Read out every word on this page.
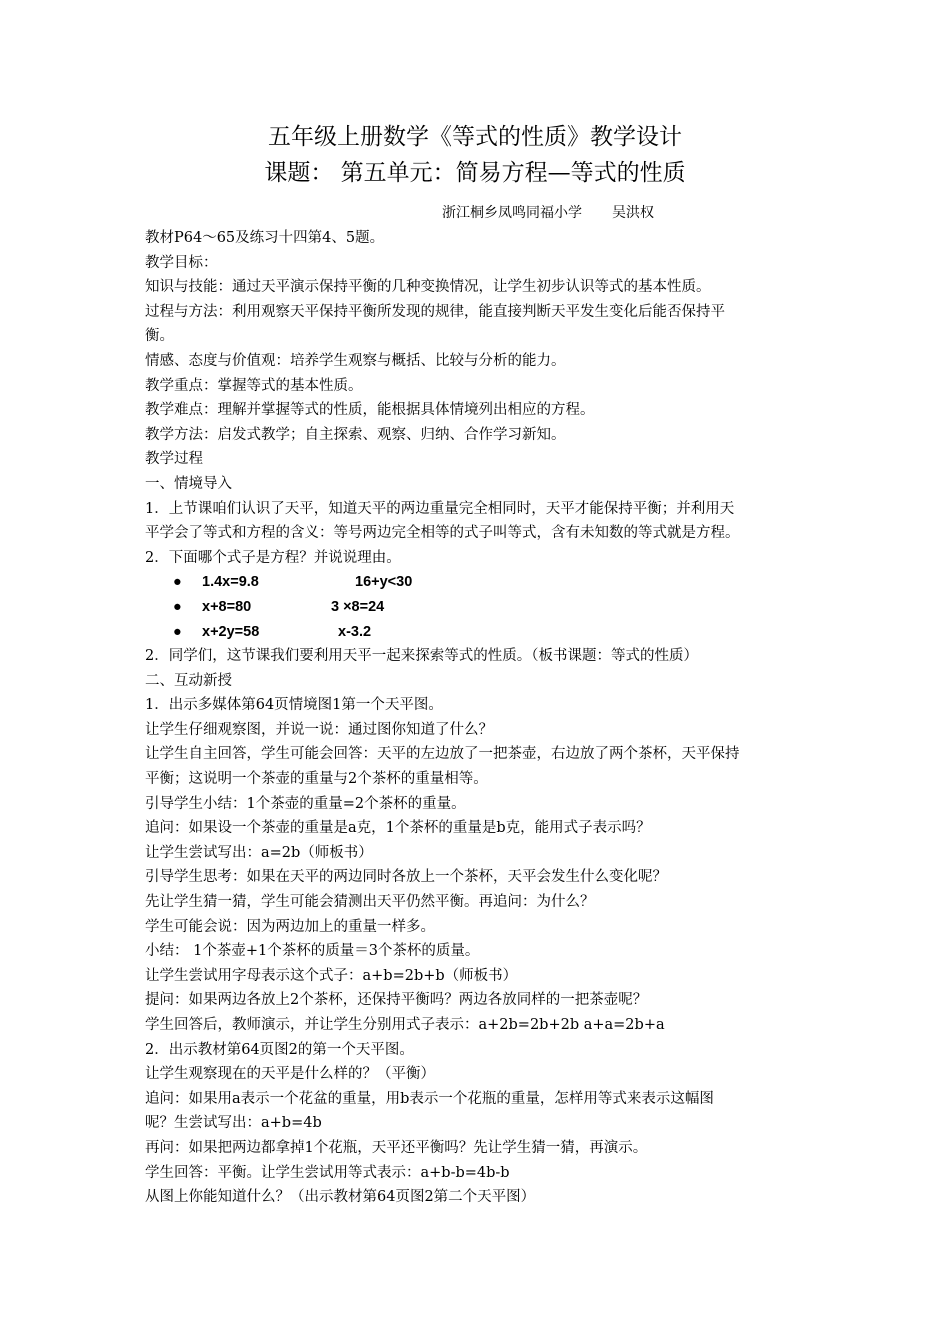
五年级上册数学《等式的性质》教学设计
课题： 第五单元：简易方程—等式的性质
浙江桐乡凤鸣同福小学 吴洪权
教材P64～65及练习十四第4、5题。
教学目标：
知识与技能：通过天平演示保持平衡的几种变换情况，让学生初步认识等式的基本性质。
过程与方法：利用观察天平保持平衡所发现的规律，能直接判断天平发生变化后能否保持平
衡。
情感、态度与价值观：培养学生观察与概括、比较与分析的能力。
教学重点：掌握等式的基本性质。
教学难点：理解并掌握等式的性质，能根据具体情境列出相应的方程。
教学方法：启发式教学；自主探索、观察、归纳、合作学习新知。
教学过程
一、情境导入
1．上节课咱们认识了天平，知道天平的两边重量完全相同时，天平才能保持平衡；并利用天
平学会了等式和方程的含义：等号两边完全相等的式子叫等式，含有未知数的等式就是方程。
2．下面哪个式子是方程？并说说理由。
● 1.4x=9.8	16+y<30
● x+8=80	3 ×8=24
● x+2y=58	x-3.2
2．同学们，这节课我们要利用天平一起来探索等式的性质。（板书课题：等式的性质）
二、互动新授
1．出示多媒体第64页情境图1第一个天平图。
让学生仔细观察图，并说一说：通过图你知道了什么？
让学生自主回答，学生可能会回答：天平的左边放了一把茶壶，右边放了两个茶杯，天平保持
平衡；这说明一个茶壶的重量与2个茶杯的重量相等。
引导学生小结：1个茶壶的重量=2个茶杯的重量。
追问：如果设一个茶壶的重量是a克，1个茶杯的重量是b克，能用式子表示吗？
让学生尝试写出：a=2b（师板书）
引导学生思考：如果在天平的两边同时各放上一个茶杯，天平会发生什么变化呢？
先让学生猜一猜，学生可能会猜测出天平仍然平衡。再追问：为什么？
学生可能会说：因为两边加上的重量一样多。
小结： 1个茶壶+1个茶杯的质量＝3个茶杯的质量。
让学生尝试用字母表示这个式子：a+b=2b+b（师板书）
提问：如果两边各放上2个茶杯，还保持平衡吗？两边各放同样的一把茶壶呢？
学生回答后，教师演示，并让学生分别用式子表示：a+2b=2b+2b a+a=2b+a
2．出示教材第64页图2的第一个天平图。
让学生观察现在的天平是什么样的？（平衡）
追问：如果用a表示一个花盆的重量，用b表示一个花瓶的重量，怎样用等式来表示这幅图
呢？生尝试写出：a+b=4b
再问：如果把两边都拿掉1个花瓶，天平还平衡吗？先让学生猜一猜，再演示。
学生回答：平衡。让学生尝试用等式表示：a+b-b=4b-b
从图上你能知道什么？（出示教材第64页图2第二个天平图）
